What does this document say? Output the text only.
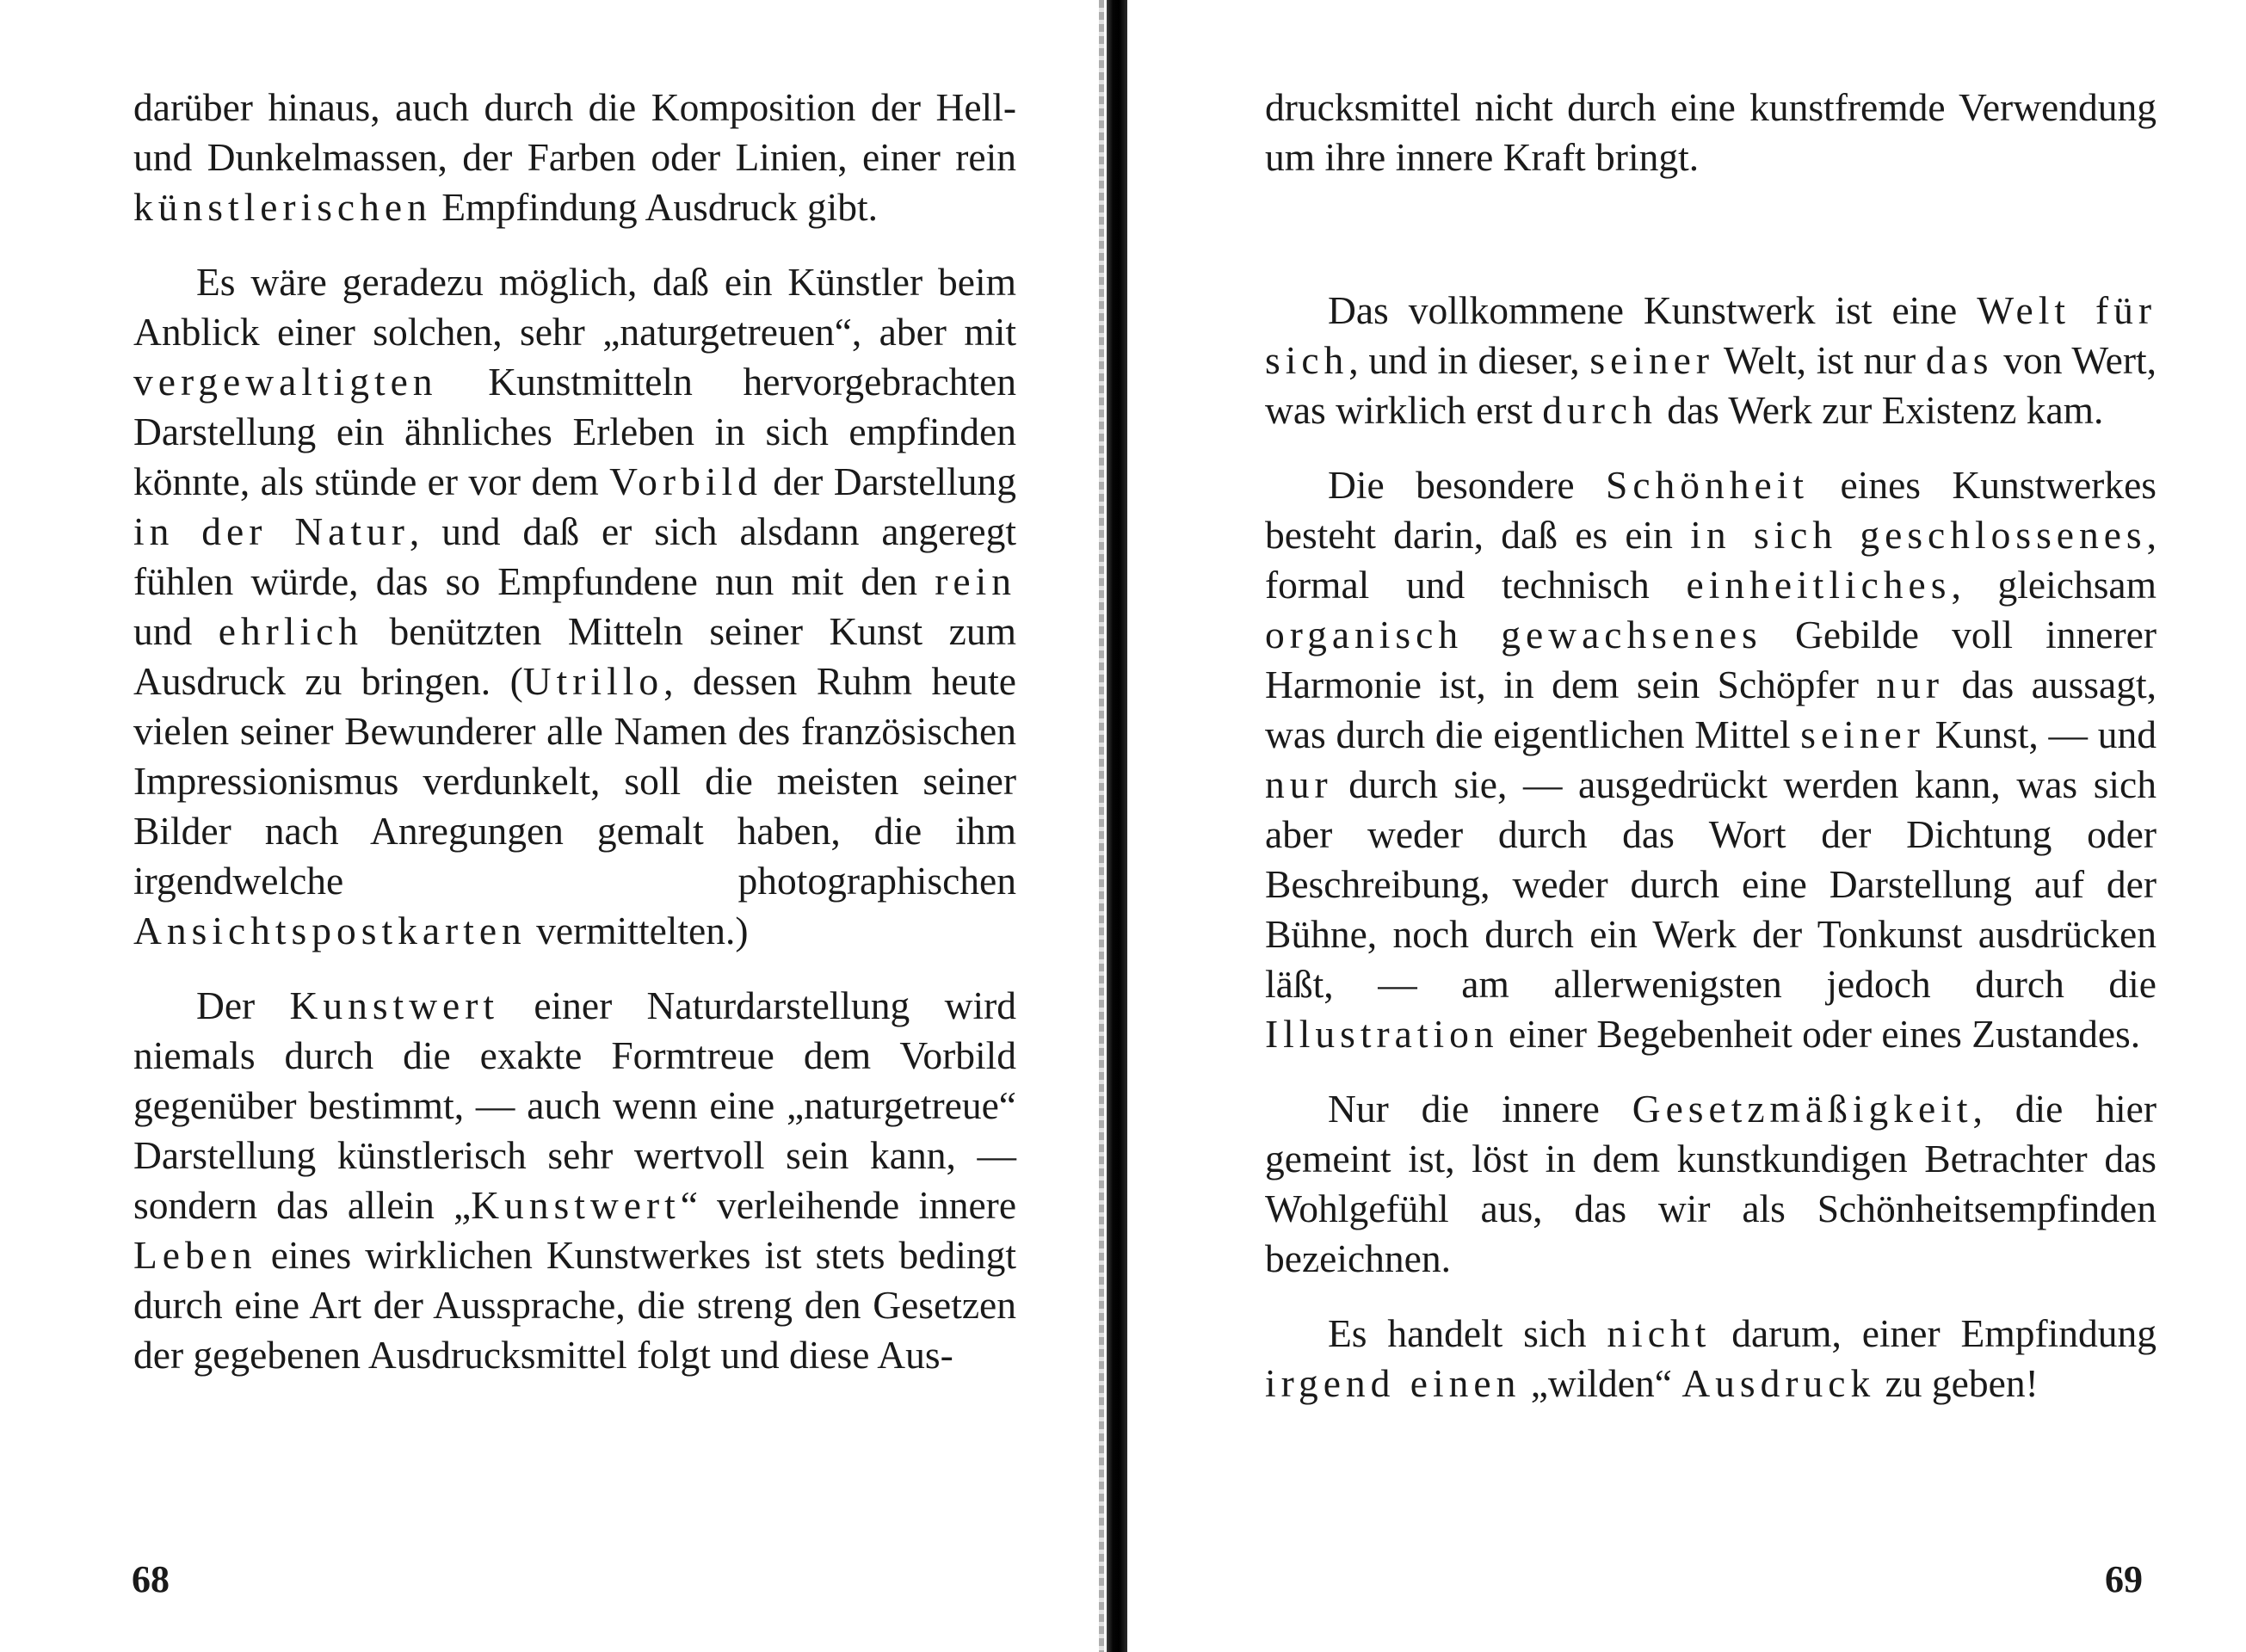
darüber hinaus, auch durch die Komposition der Hell- und Dunkelmassen, der Farben oder Linien, einer rein künstlerischen Empfindung Ausdruck gibt.

Es wäre geradezu möglich, daß ein Künstler beim Anblick einer solchen, sehr „naturgetreuen“, aber mit vergewaltigten Kunstmitteln hervorgebrachten Darstellung ein ähnliches Erleben in sich empfinden könnte, als stünde er vor dem Vorbild der Darstellung in der Natur, und daß er sich alsdann angeregt fühlen würde, das so Empfundene nun mit den rein und ehrlich benützten Mitteln seiner Kunst zum Ausdruck zu bringen. (Utrillo, dessen Ruhm heute vielen seiner Bewunderer alle Namen des französischen Impressionismus verdunkelt, soll die meisten seiner Bilder nach Anregungen gemalt haben, die ihm irgendwelche photographischen Ansichtspostkarten vermittelten.)

Der Kunstwert einer Naturdarstellung wird niemals durch die exakte Formtreue dem Vorbild gegenüber bestimmt, — auch wenn eine „naturgetreue“ Darstellung künstlerisch sehr wertvoll sein kann, — sondern das allein „Kunstwert“ verleihende innere Leben eines wirklichen Kunstwerkes ist stets bedingt durch eine Art der Aussprache, die streng den Gesetzen der gegebenen Ausdrucksmittel folgt und diese Aus-

68

drucksmittel nicht durch eine kunstfremde Verwendung um ihre innere Kraft bringt.

Das vollkommene Kunstwerk ist eine Welt für sich, und in dieser, seiner Welt, ist nur das von Wert, was wirklich erst durch das Werk zur Existenz kam.

Die besondere Schönheit eines Kunstwerkes besteht darin, daß es ein in sich geschlossenes, formal und technisch einheitliches, gleichsam organisch gewachsenes Gebilde voll innerer Harmonie ist, in dem sein Schöpfer nur das aussagt, was durch die eigentlichen Mittel seiner Kunst, — und nur durch sie, — ausgedrückt werden kann, was sich aber weder durch das Wort der Dichtung oder Beschreibung, weder durch eine Darstellung auf der Bühne, noch durch ein Werk der Tonkunst ausdrücken läßt, — am allerwenigsten jedoch durch die Illustration einer Begebenheit oder eines Zustandes.

Nur die innere Gesetzmäßigkeit, die hier gemeint ist, löst in dem kunstkundigen Betrachter das Wohlgefühl aus, das wir als Schönheitsempfinden bezeichnen.

Es handelt sich nicht darum, einer Empfindung irgend einen „wilden“ Ausdruck zu geben!

69
